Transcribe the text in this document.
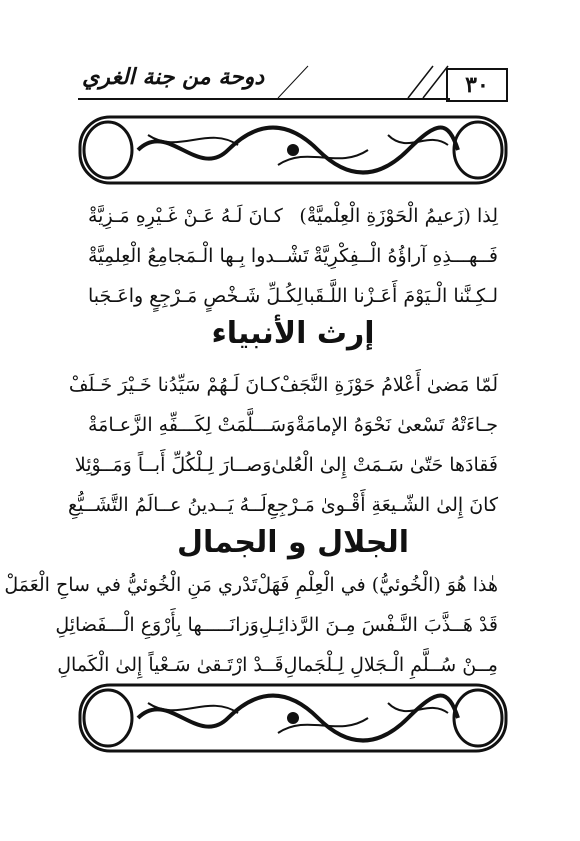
دوحة من جنة الغري	٣٠
لِذا (زَعيمُ الْحَوْزَةِ الْعِلْميَّةْ)
كـانَ لَـهُ عَـنْ غَـيْرِهِ مَـزِيَّةْ
فَــهـــذِهِ آراؤُهُ الْــفِكْرِيَّةْ
تَشْــدوا بِـها الْـمَجامِعُ الْعِلمِيَّةْ
لـكِـنَّنا الْـيَوْمَ أَعَـزْنا اللَّـقَبا
لِكُـلِّ شَـخْصٍ مَـرْجِعٍ واعَـجَبا
إرث الأنبياء
لَمّا مَضىٰ أَعْلامُ حَوْزَةِ النَّجَفْ
كـانَ لَـهُمْ سَيِّدُنا خَـيْرَ خَـلَفْ
جـاءَتْهُ تَسْعىٰ نَحْوَهُ الإمامَةْ
وَسَـــلَّمَتْ لِكَـــفِّهِ الزَّعـامَةْ
فَقادَها حَتّىٰ سَـمَتْ إِلىٰ الْعُلىٰ
وَصــارَ لِـلْكُلِّ أَبــاً وَمَــوْئِلا
كانَ إِلىٰ الشّـيعَةِ أَقْـوىٰ مَـرْجِعِ
لَــهُ يَــدينُ عــالَمُ التَّشَــيُّعِ
الجلال و الجمال
هٰذا هُوَ (الْخُوئيُّ) في الْعِلْمِ فَهَلْ
تَدْري مَنِ الْخُوئيُّ في ساحِ الْعَمَلْ
قَدْ هَــذَّبَ النَّـفْسَ مِـنَ الرَّذائِـلِ
وَزانَـــــها بِأَرْوَعِ الْـــفَضائِلِ
مِــنْ سُــلَّمِ الْـجَلالِ لِـلْجَمالِ
قَــدْ ارْتَـقىٰ سَـعْياً إِلىٰ الْكَمالِ
